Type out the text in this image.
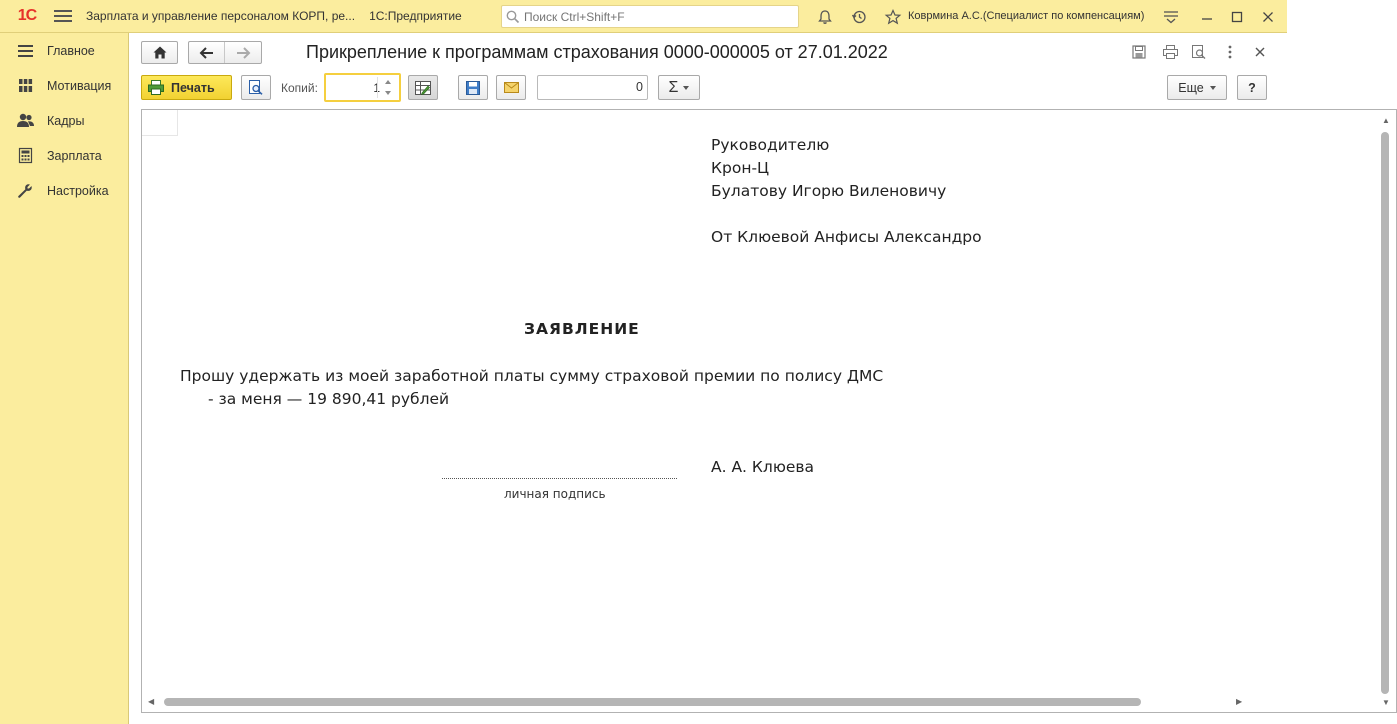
1С	Зарплата и управление персоналом КОРП, ре... 1С:Предприятие
Поиск Ctrl+Shift+F	Коврмина А.С.(Специалист по компенсациям)
Главное
Мотивация
Кадры
Зарплата
Настройка
Прикрепление к программам страхования 0000-000005 от 27.01.2022
Печать	Копий:
1	0	Σ	Еще	?
Руководителю
Крон-Ц
Булатову Игорю Виленовичу
От Клюевой Анфисы Александро
ЗАЯВЛЕНИЕ
Прошу удержать из моей заработной платы сумму страховой премии по полису ДМС
- за меня — 19 890,41 рублей
А. А. Клюева
личная подпись
▲
▼
◀	▶
